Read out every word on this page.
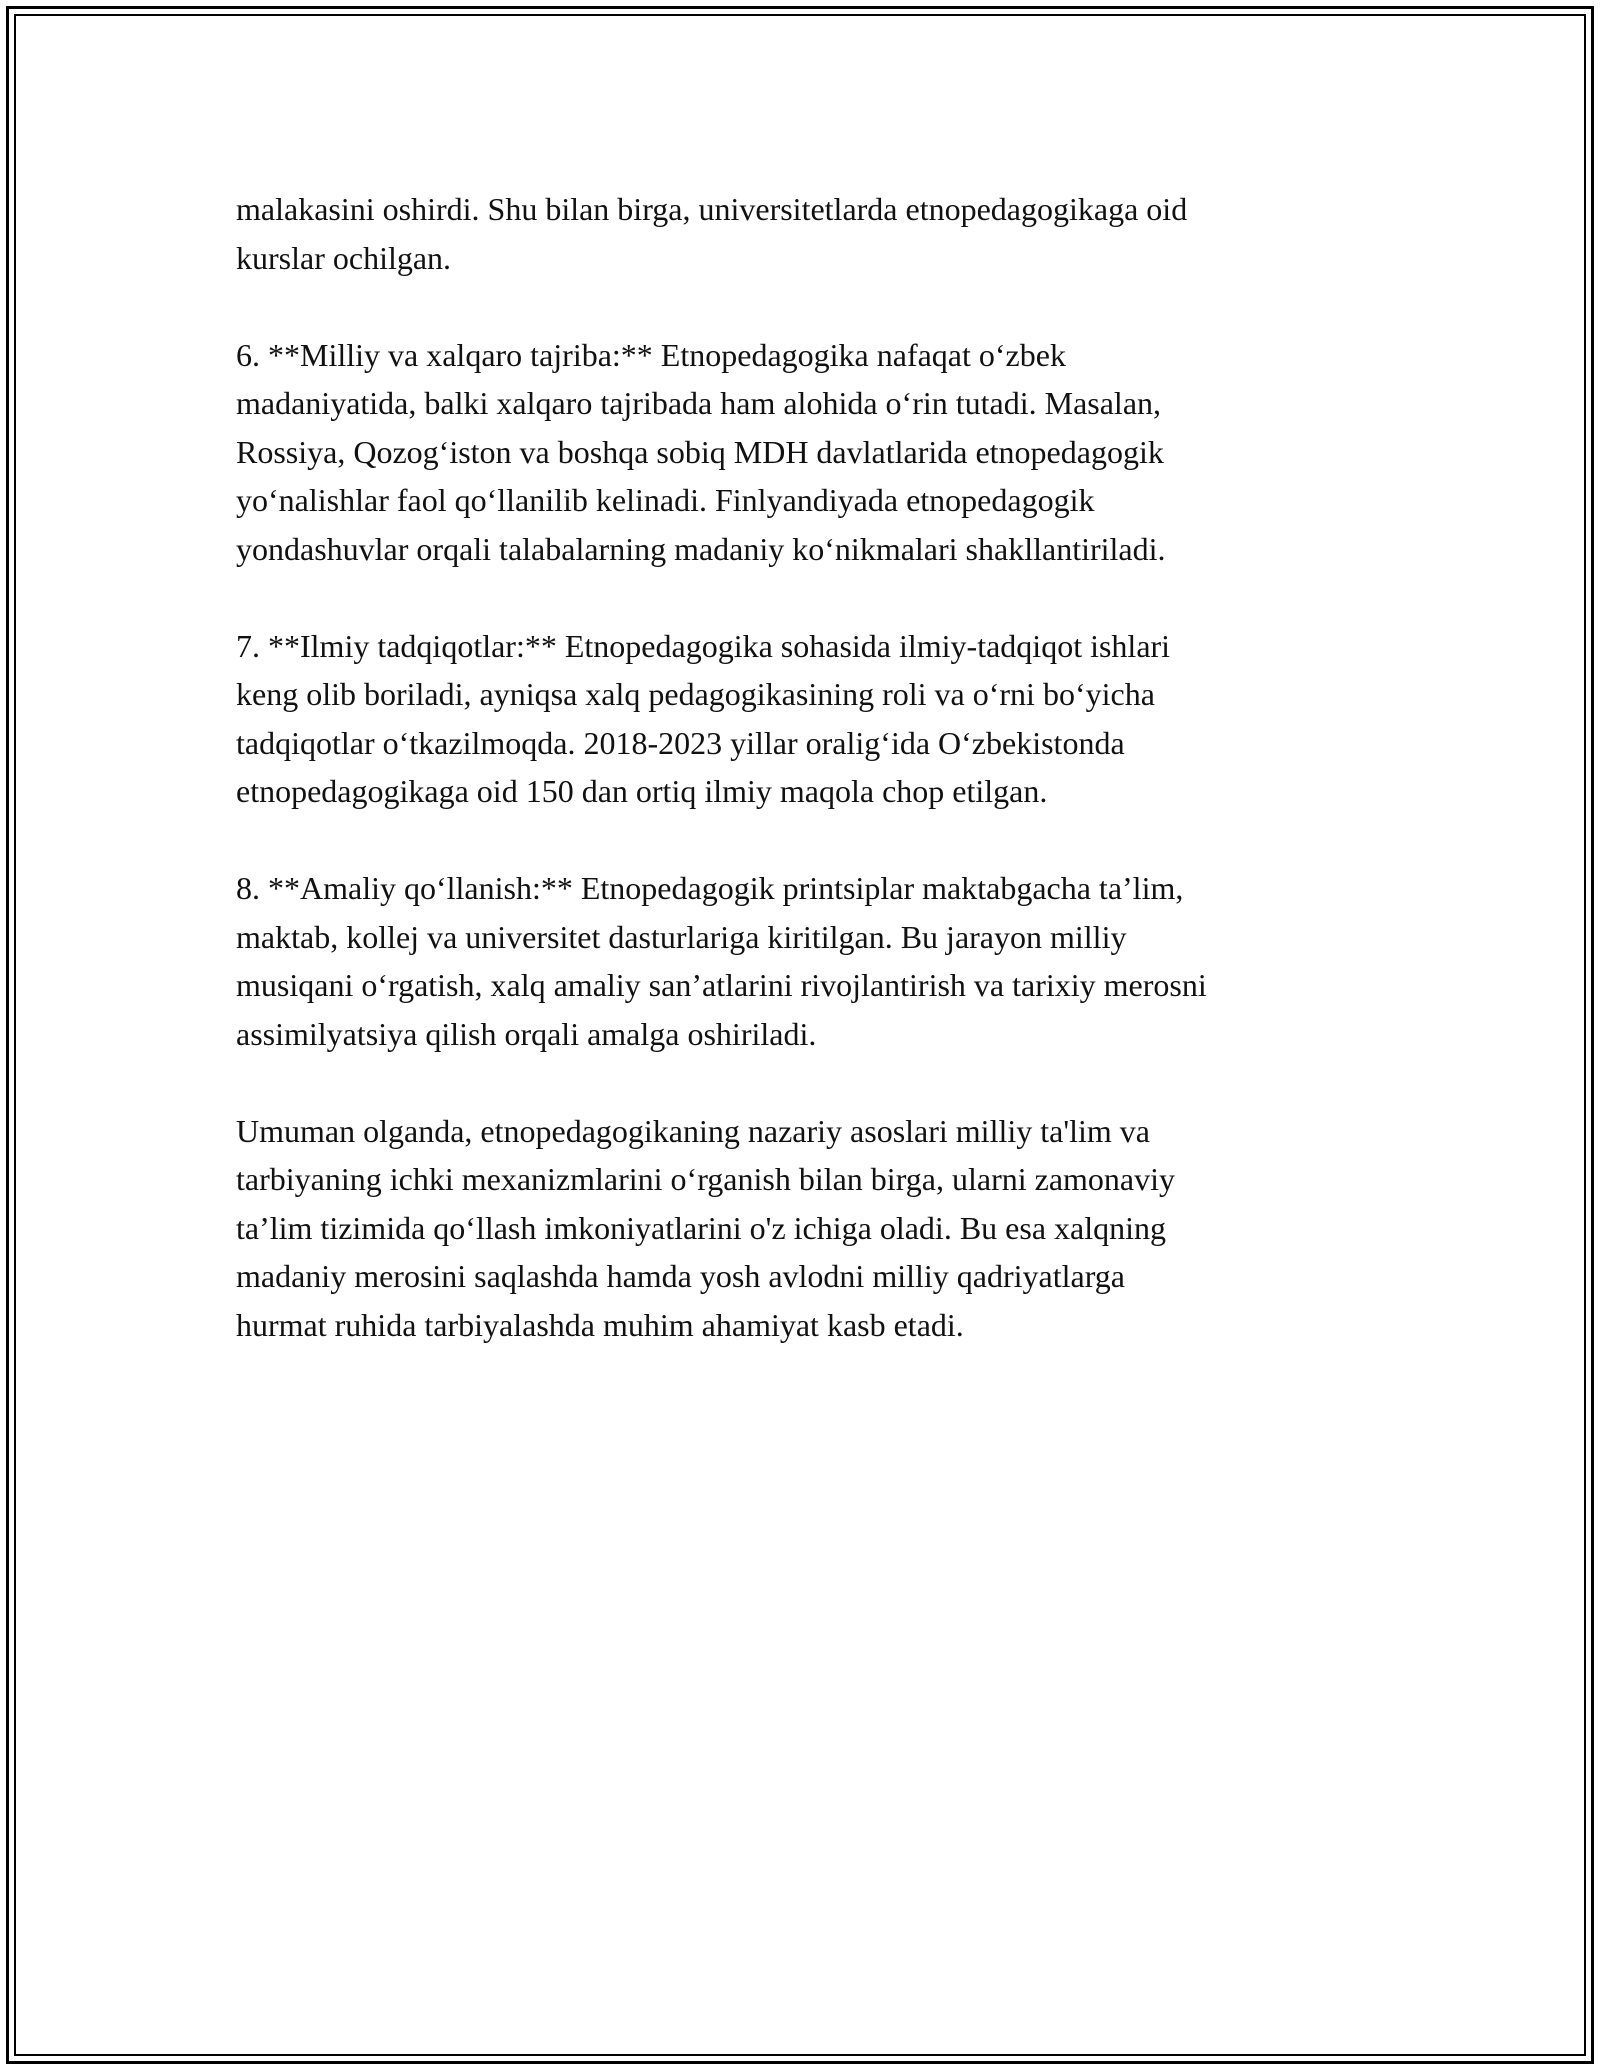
malakasini oshirdi. Shu bilan birga, universitetlarda etnopedagogikaga oid
kurslar ochilgan.

6. **Milliy va xalqaro tajriba:** Etnopedagogika nafaqat oʻzbek
madaniyatida, balki xalqaro tajribada ham alohida oʻrin tutadi. Masalan,
Rossiya, Qozogʻiston va boshqa sobiq MDH davlatlarida etnopedagogik
yoʻnalishlar faol qoʻllanilib kelinadi. Finlyandiyada etnopedagogik
yondashuvlar orqali talabalarning madaniy koʻnikmalari shakllantiriladi.

7. **Ilmiy tadqiqotlar:** Etnopedagogika sohasida ilmiy-tadqiqot ishlari
keng olib boriladi, ayniqsa xalq pedagogikasining roli va oʻrni boʻyicha
tadqiqotlar oʻtkazilmoqda. 2018-2023 yillar oraligʻida Oʻzbekistonda
etnopedagogikaga oid 150 dan ortiq ilmiy maqola chop etilgan.

8. **Amaliy qoʻllanish:** Etnopedagogik printsiplar maktabgacha ta’lim,
maktab, kollej va universitet dasturlariga kiritilgan. Bu jarayon milliy
musiqani oʻrgatish, xalq amaliy san’atlarini rivojlantirish va tarixiy merosni
assimilyatsiya qilish orqali amalga oshiriladi.

Umuman olganda, etnopedagogikaning nazariy asoslari milliy ta'lim va
tarbiyaning ichki mexanizmlarini oʻrganish bilan birga, ularni zamonaviy
ta’lim tizimida qoʻllash imkoniyatlarini o'z ichiga oladi. Bu esa xalqning
madaniy merosini saqlashda hamda yosh avlodni milliy qadriyatlarga
hurmat ruhida tarbiyalashda muhim ahamiyat kasb etadi.
